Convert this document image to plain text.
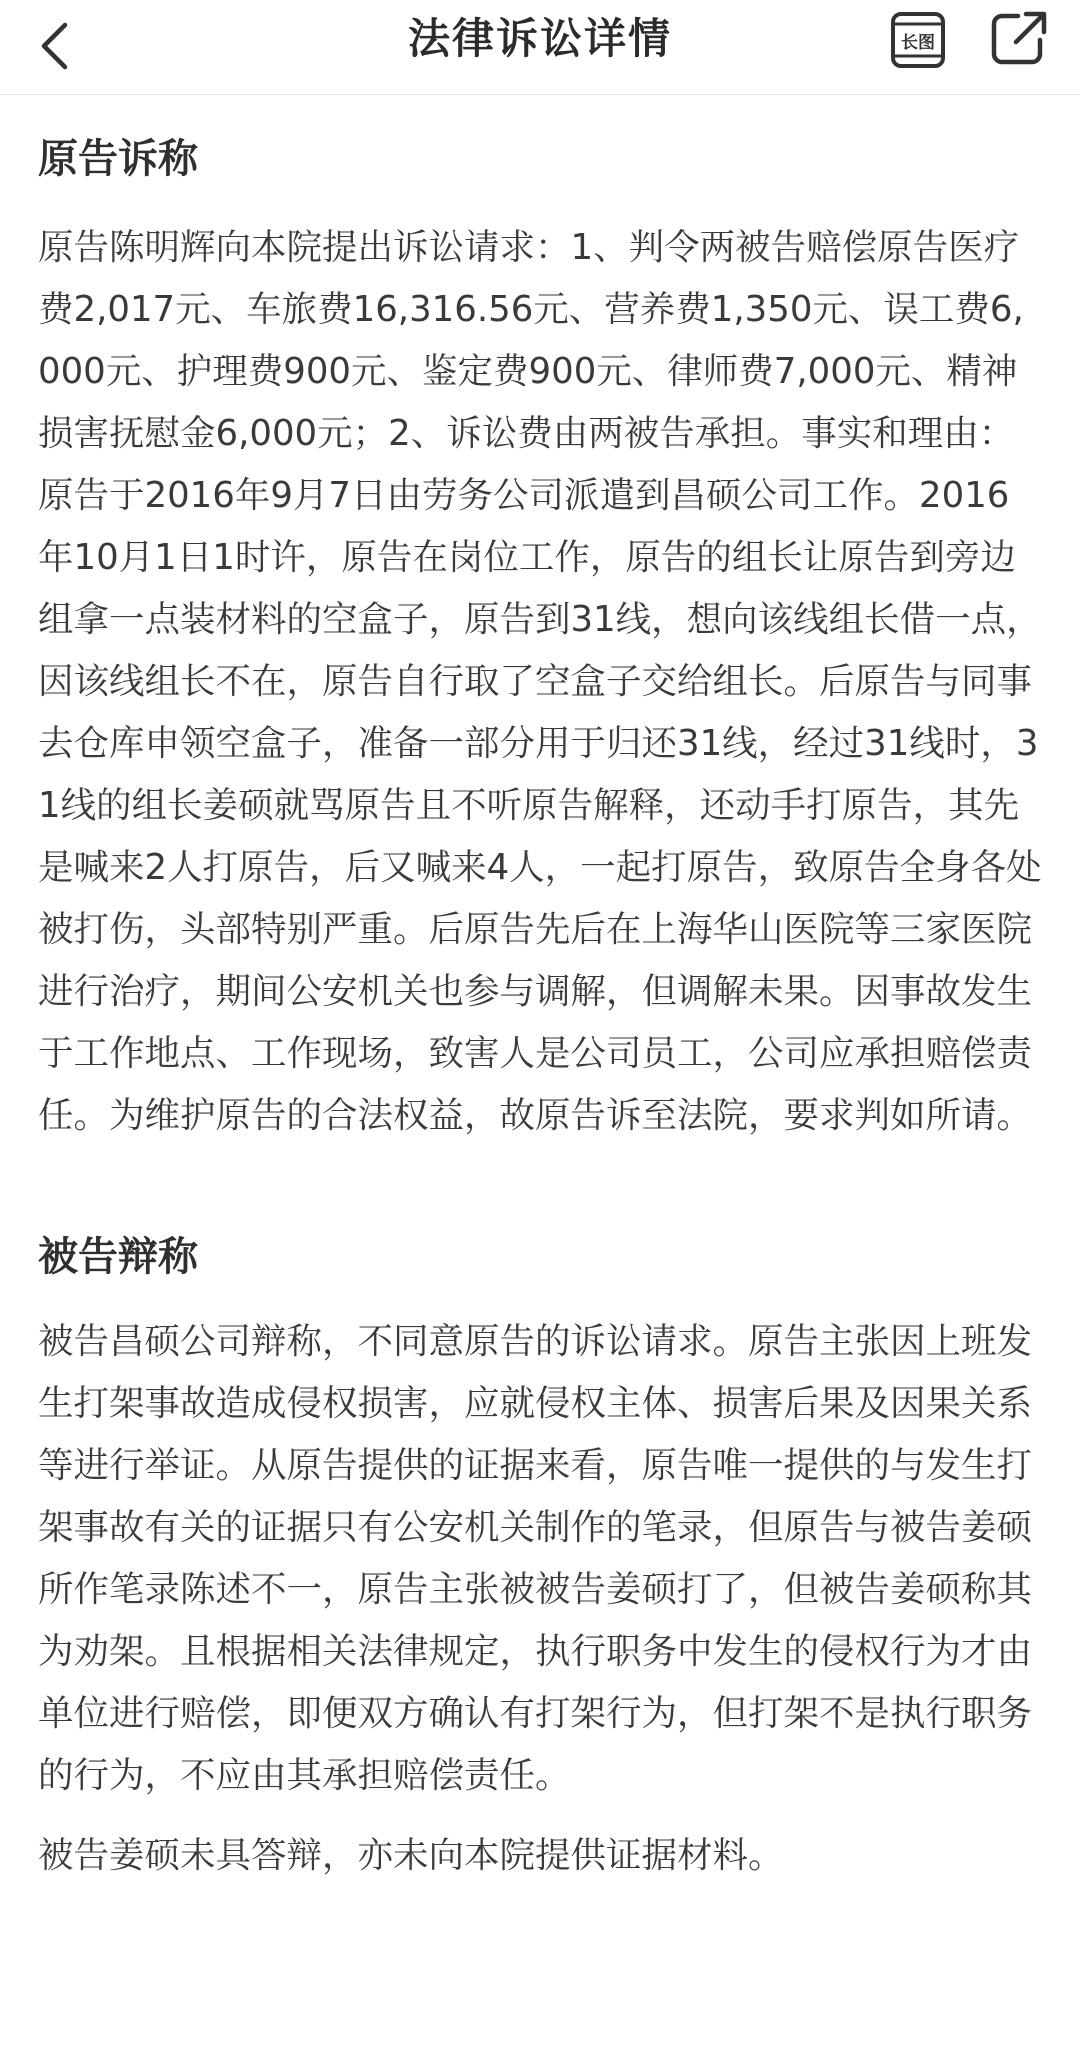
法律诉讼详情	长图
原告诉称

原告陈明辉向本院提出诉讼请求：1、判令两被告赔偿原告医疗费2,017元、车旅费16,316.56元、营养费1,350元、误工费6,000元、护理费900元、鉴定费900元、律师费7,000元、精神损害抚慰金6,000元；2、诉讼费由两被告承担。事实和理由：原告于2016年9月7日由劳务公司派遣到昌硕公司工作。2016年10月1日1时许，原告在岗位工作，原告的组长让原告到旁边组拿一点装材料的空盒子，原告到31线，想向该线组长借一点，因该线组长不在，原告自行取了空盒子交给组长。后原告与同事去仓库申领空盒子，准备一部分用于归还31线，经过31线时，31线的组长姜硕就骂原告且不听原告解释，还动手打原告，其先是喊来2人打原告，后又喊来4人，一起打原告，致原告全身各处被打伤，头部特别严重。后原告先后在上海华山医院等三家医院进行治疗，期间公安机关也参与调解，但调解未果。因事故发生于工作地点、工作现场，致害人是公司员工，公司应承担赔偿责任。为维护原告的合法权益，故原告诉至法院，要求判如所请。

被告辩称

被告昌硕公司辩称，不同意原告的诉讼请求。原告主张因上班发生打架事故造成侵权损害，应就侵权主体、损害后果及因果关系等进行举证。从原告提供的证据来看，原告唯一提供的与发生打架事故有关的证据只有公安机关制作的笔录，但原告与被告姜硕所作笔录陈述不一，原告主张被被告姜硕打了，但被告姜硕称其为劝架。且根据相关法律规定，执行职务中发生的侵权行为才由单位进行赔偿，即便双方确认有打架行为，但打架不是执行职务的行为，不应由其承担赔偿责任。

被告姜硕未具答辩，亦未向本院提供证据材料。
